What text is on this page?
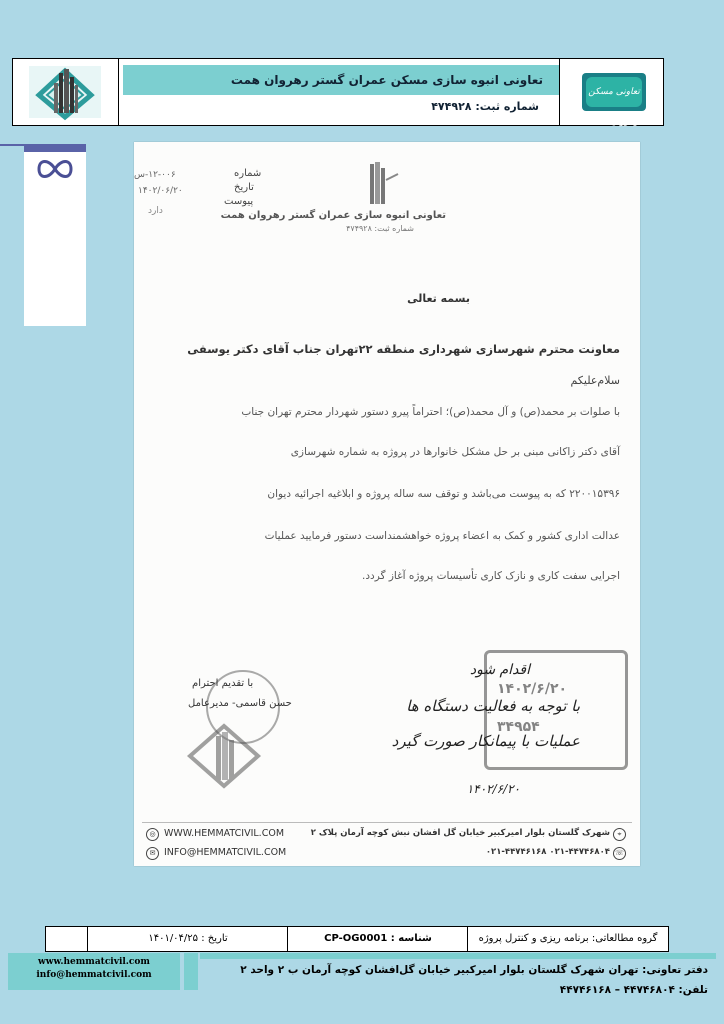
تعاونی انبوه سازی مسکن عمران گستر رهروان همت
شماره ثبت: ۴۷۴۹۲۸
تعاونی مسکن رهروان همت
شماره
تاریخ
پیوست
۱۲-۰۰۶-س
۱۴۰۲/۰۶/۲۰
دارد	تعاونی انبوه سازی عمران گستر رهروان همت
شماره ثبت: ۴۷۴۹۲۸
بسمه تعالی
معاونت محترم شهرسازی شهرداری منطقه ۲۲تهران جناب آقای دکتر یوسفی
سلام‌علیکم
با صلوات بر محمد(ص) و آل محمد(ص)؛ احتراماً پیرو دستور شهردار محترم تهران جناب
آقای دکتر زاکانی مبنی بر حل مشکل خانوارها در پروژه به شماره شهرسازی
۲۲۰۰۱۵۳۹۶ که به پیوست می‌باشد و توقف سه ساله پروژه و ابلاغیه اجرائیه دیوان
عدالت اداری کشور و کمک به اعضاء پروژه خواهشمنداست دستور فرمایید عملیات
اجرایی سفت کاری و نازک کاری تأسیسات پروژه آغاز گردد.
۱۴۰۲/۶/۲۰
۳۴۹۵۴
با تقدیم احترام
حسن قاسمی- مدیرعامل
اقدام شود
با توجه به فعالیت دستگاه ها
عملیات با پیمانکار صورت گیرد
۱۴۰۲/۶/۲۰
◎ WWW.HEMMATCIVIL.COM
✉ INFO@HEMMATCIVIL.COM
⌖
شهرک گلستان بلوار امیرکبیر خیابان گل افشان نبش کوچه آرمان پلاک ۲
☏
۰۲۱-۴۴۷۴۶۸۰۴ ۰۲۱-۴۴۷۴۶۱۶۸
گروه مطالعاتی: برنامه ریزی و کنترل پروژه
شناسه : CP-OG0001
تاریخ : ۱۴۰۱/۰۴/۲۵
www.hemmatcivil.com
info@hemmatcivil.com	دفتر تعاونی: تهران شهرک گلستان بلوار امیرکبیر خیابان گل‌افشان کوچه آرمان ب ۲ واحد ۲
تلفن: ۴۴۷۴۶۸۰۴ – ۴۴۷۴۶۱۶۸
